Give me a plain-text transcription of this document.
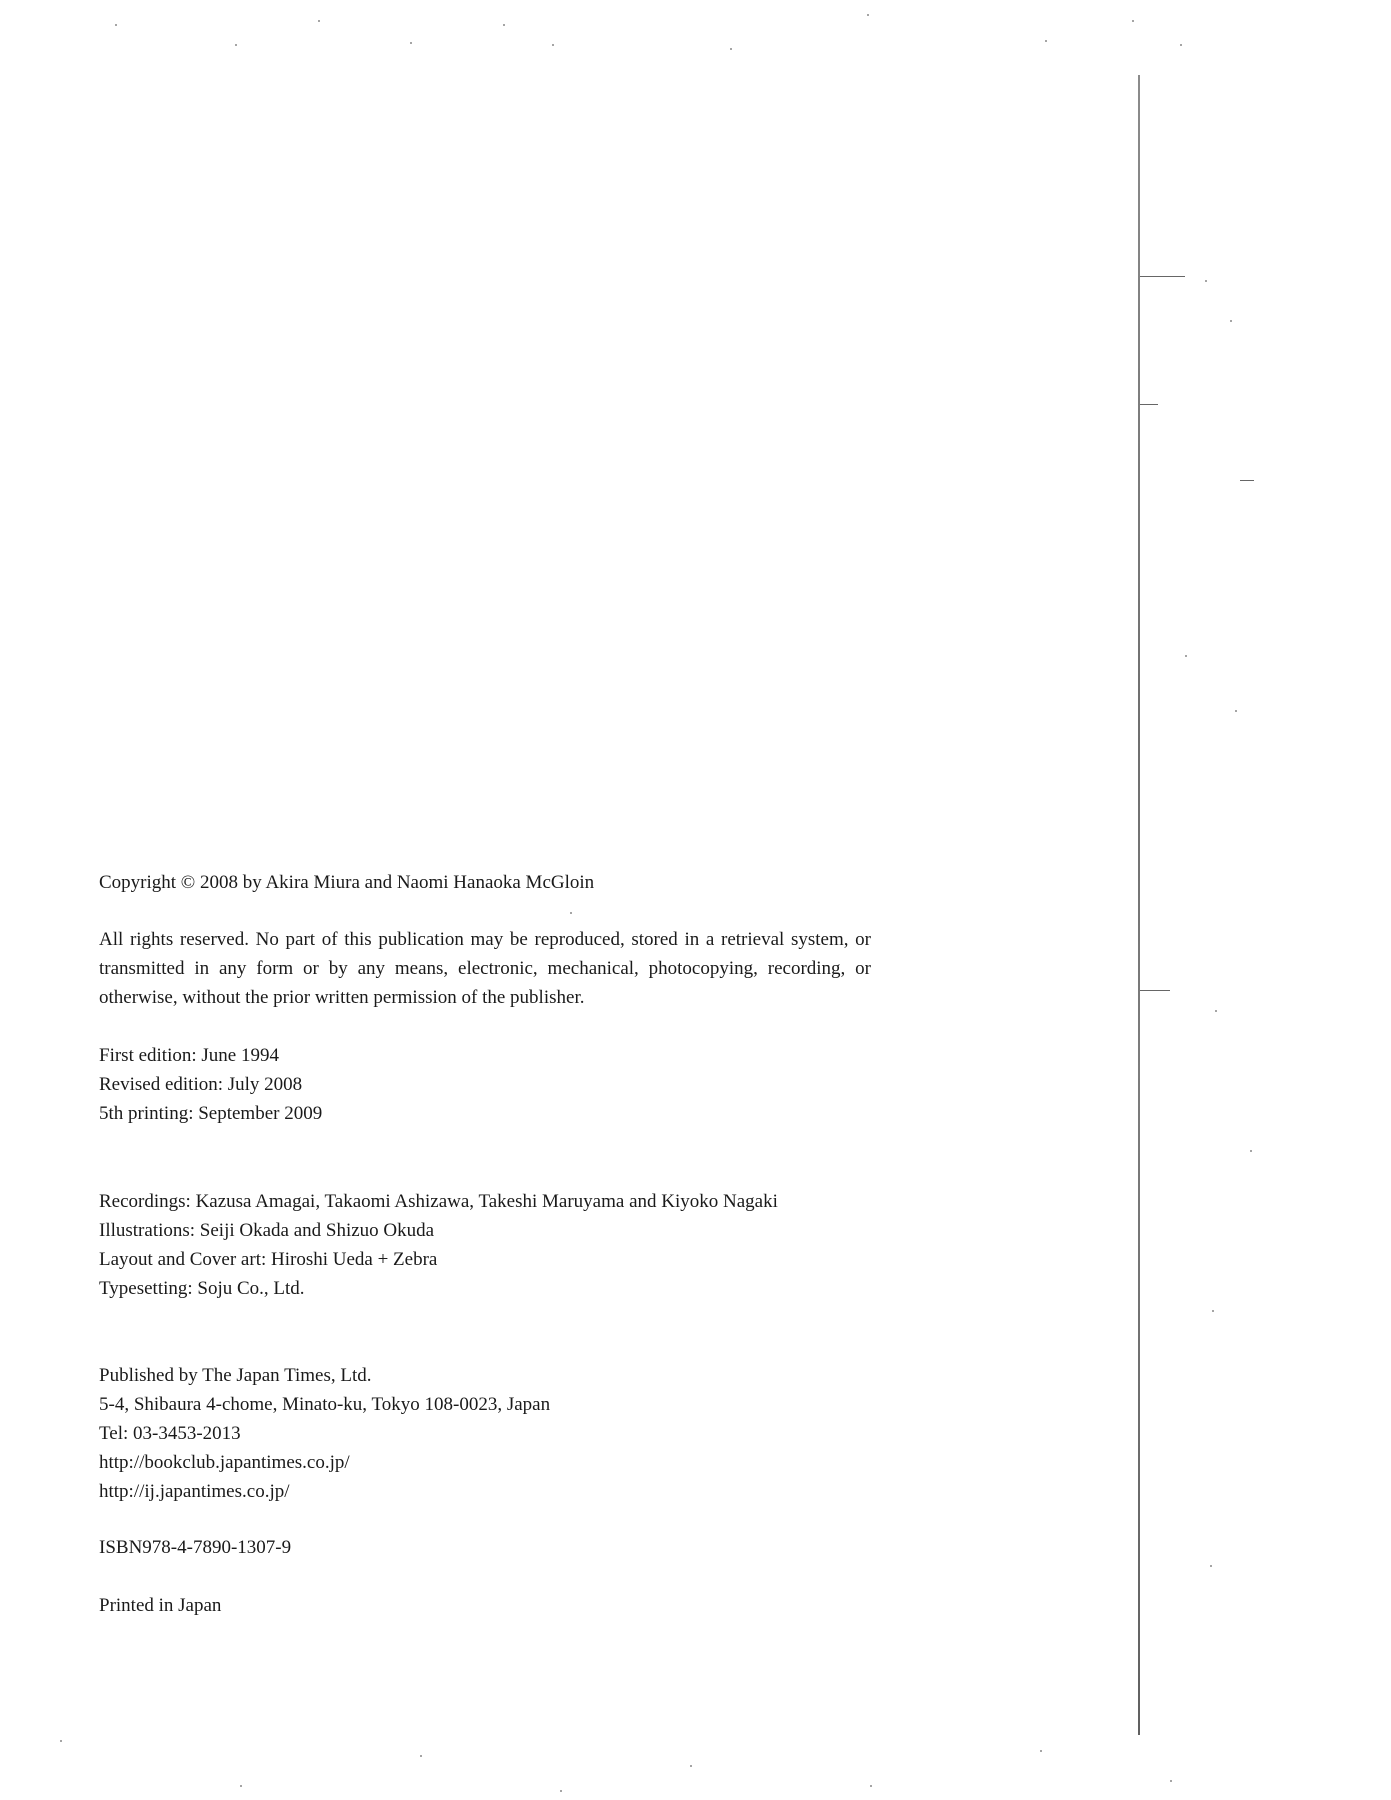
Copyright © 2008 by Akira Miura and Naomi Hanaoka McGloin

All rights reserved. No part of this publication may be reproduced, stored in a retrieval system, or transmitted in any form or by any means, electronic, mechanical, photocopying, recording, or otherwise, without the prior written permission of the publisher.

First edition: June 1994

Revised edition: July 2008

5th printing: September 2009

Recordings: Kazusa Amagai, Takaomi Ashizawa, Takeshi Maruyama and Kiyoko Nagaki

Illustrations: Seiji Okada and Shizuo Okuda

Layout and Cover art: Hiroshi Ueda + Zebra

Typesetting: Soju Co., Ltd.

Published by The Japan Times, Ltd.

5-4, Shibaura 4-chome, Minato-ku, Tokyo 108-0023, Japan

Tel: 03-3453-2013

http://bookclub.japantimes.co.jp/

http://ij.japantimes.co.jp/

ISBN978-4-7890-1307-9

Printed in Japan
